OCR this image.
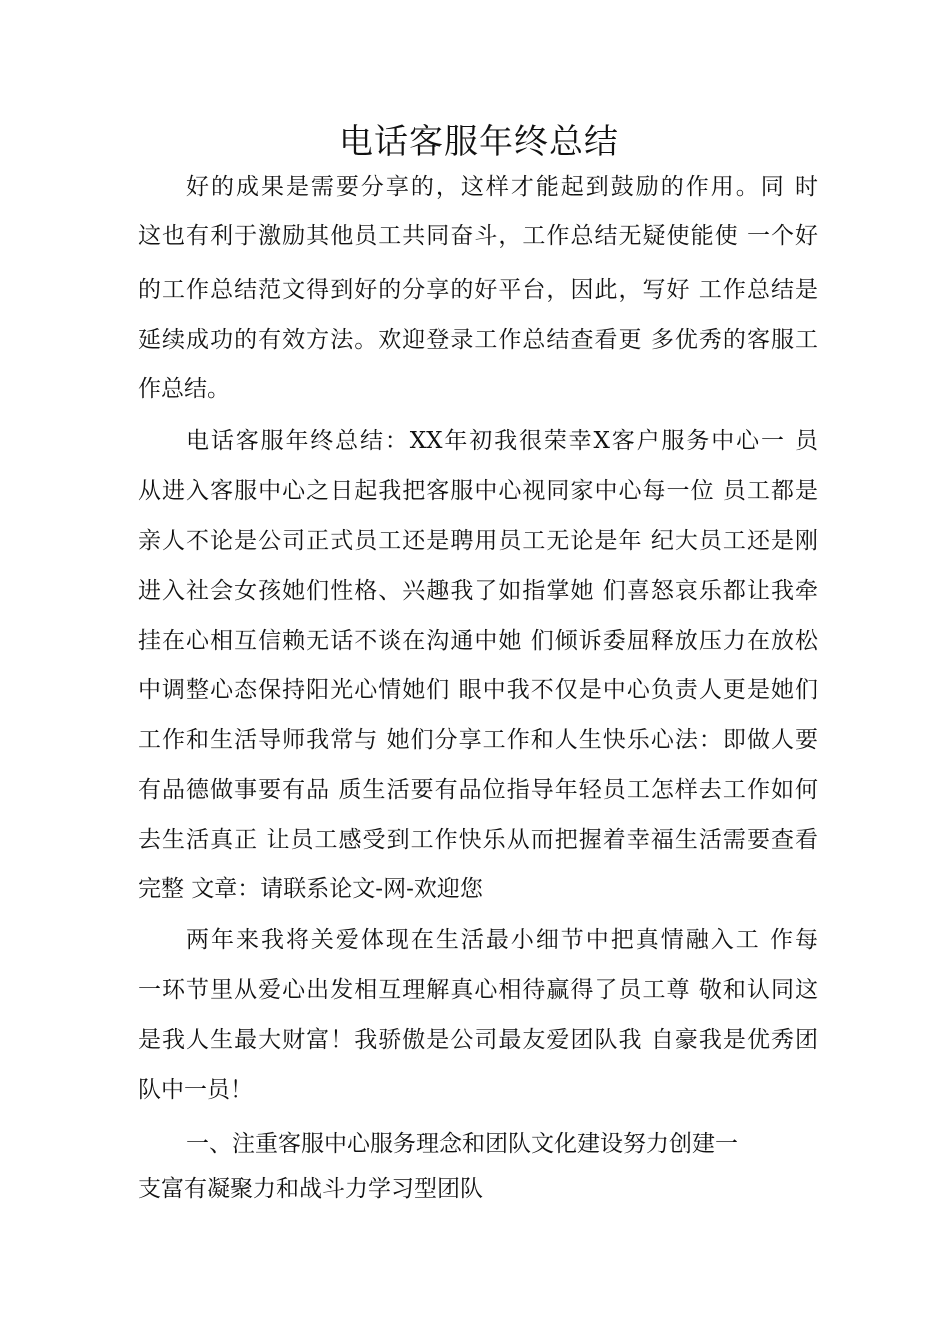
电话客服年终总结
好的成果是需要分享的，这样才能起到鼓励的作用。同 时
这也有利于激励其他员工共同奋斗，工作总结无疑使能使 一个好
的工作总结范文得到好的分享的好平台，因此，写好 工作总结是
延续成功的有效方法。欢迎登录工作总结查看更 多优秀的客服工
作总结。
电话客服年终总结：XX年初我很荣幸X客户服务中心一 员
从进入客服中心之日起我把客服中心视同家中心每一位 员工都是
亲人不论是公司正式员工还是聘用员工无论是年 纪大员工还是刚
进入社会女孩她们性格、兴趣我了如指掌她 们喜怒哀乐都让我牵
挂在心相互信赖无话不谈在沟通中她 们倾诉委屈释放压力在放松
中调整心态保持阳光心情她们 眼中我不仅是中心负责人更是她们
工作和生活导师我常与 她们分享工作和人生快乐心法：即做人要
有品德做事要有品 质生活要有品位指导年轻员工怎样去工作如何
去生活真正 让员工感受到工作快乐从而把握着幸福生活需要查看
完整 文章：请联系论文-网-欢迎您
两年来我将关爱体现在生活最小细节中把真情融入工 作每
一环节里从爱心出发相互理解真心相待赢得了员工尊 敬和认同这
是我人生最大财富！我骄傲是公司最友爱团队我 自豪我是优秀团
队中一员！
一、注重客服中心服务理念和团队文化建设努力创建一
支富有凝聚力和战斗力学习型团队
